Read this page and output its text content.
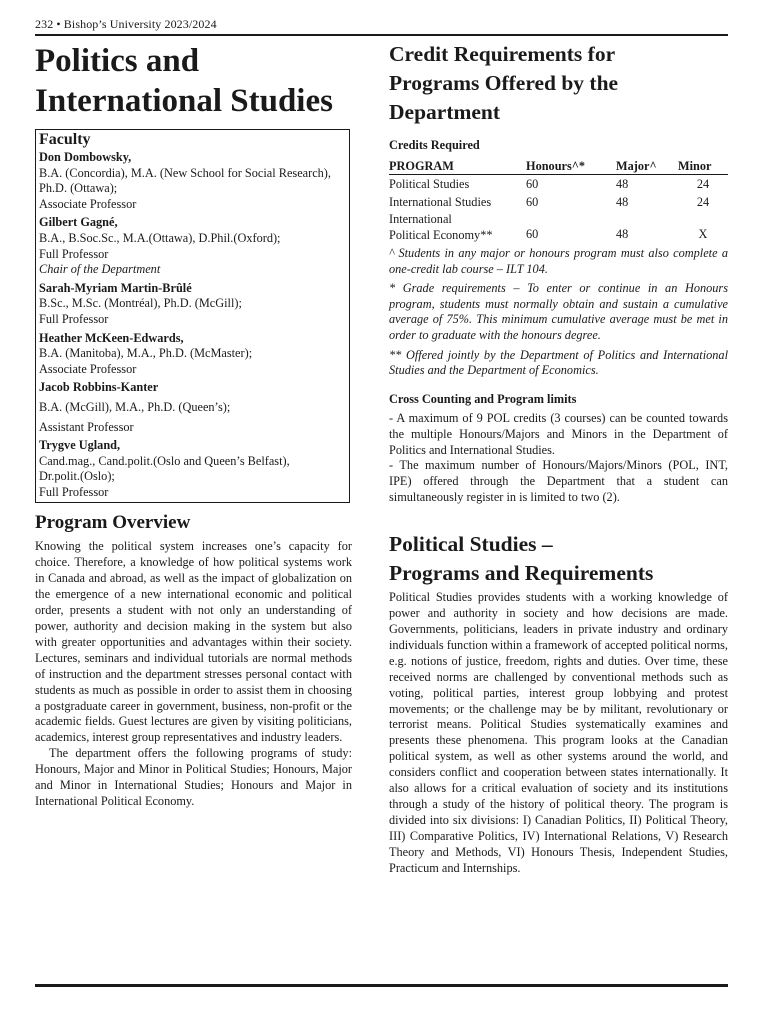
232 • Bishop’s University 2023/2024
Politics and
International Studies
Faculty
Don Dombowsky,
B.A. (Concordia), M.A. (New School for Social Research),
Ph.D. (Ottawa);
Associate Professor
Gilbert Gagné,
B.A., B.Soc.Sc., M.A.(Ottawa), D.Phil.(Oxford);
Full Professor
Chair of the Department
Sarah-Myriam Martin-Brûlé
B.Sc., M.Sc. (Montréal), Ph.D. (McGill);
Full Professor
Heather McKeen-Edwards,
B.A. (Manitoba), M.A., Ph.D. (McMaster);
Associate Professor
Jacob Robbins-Kanter
B.A. (McGill), M.A., Ph.D. (Queen’s);
Assistant Professor
Trygve Ugland,
Cand.mag., Cand.polit.(Oslo and Queen’s Belfast),
Dr.polit.(Oslo);
Full Professor
Program Overview

Knowing the political system increases one’s capacity for choice. Therefore, a knowledge of how political systems work in Canada and abroad, as well as the impact of globalization on the emergence of a new international economic and political order, presents a student with not only an understanding of power, authority and decision making in the system but also with greater opportunities and advantages within their society. Lectures, seminars and individual tutorials are normal methods of instruction and the department stresses personal contact with students as much as possible in order to assist them in choosing a postgraduate career in government, business, non-profit or the academic fields. Guest lectures are given by visiting politicians, academics, interest group representatives and industry leaders.

The department offers the following programs of study: Honours, Major and Minor in Political Studies; Honours, Major and Minor in International Studies; Honours and Major in International Political Economy.

Credit Requirements for
Programs Offered by the
Department
Credits Required
PROGRAM	Honours^*	Major^	Minor
Political Studies	60	48	24
International Studies	60	48	24
International
Political Economy**	60	48	X

^ Students in any major or honours program must also complete a one-credit lab course – ILT 104.

* Grade requirements – To enter or continue in an Honours program, students must normally obtain and sustain a cumulative average of 75%. This minimum cumulative average must be met in order to graduate with the honours degree.

** Offered jointly by the Department of Politics and International Studies and the Department of Economics.

Cross Counting and Program limits

- A maximum of 9 POL credits (3 courses) can be counted towards the multiple Honours/Majors and Minors in the Department of Politics and International Studies.

- The maximum number of Honours/Majors/Minors (POL, INT, IPE) offered through the Department that a student can simultaneously register in is limited to two (2).

Political Studies –
Programs and Requirements

Political Studies provides students with a working knowledge of power and authority in society and how decisions are made. Governments, politicians, leaders in private industry and ordinary individuals function within a framework of accepted political norms, e.g. notions of justice, freedom, rights and duties. Over time, these received norms are challenged by conventional methods such as voting, political parties, interest group lobbying and protest movements; or the challenge may be by militant, revolutionary or terrorist means. Political Studies systematically examines and presents these phenomena. This program looks at the Canadian political system, as well as other systems around the world, and considers conflict and cooperation between states internationally. It also allows for a critical evaluation of society and its institutions through a study of the history of political theory. The program is divided into six divisions: I) Canadian Politics, II) Political Theory, III) Comparative Politics, IV) International Relations, V) Research Theory and Methods, VI) Honours Thesis, Independent Studies, Practicum and Internships.
